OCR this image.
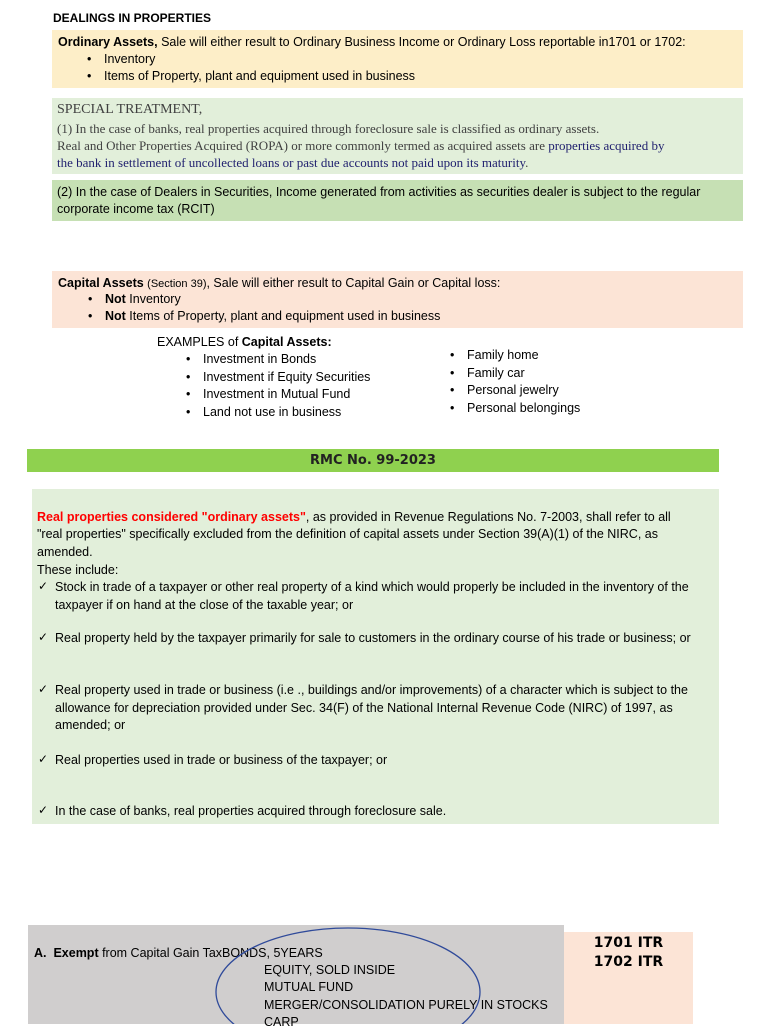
DEALINGS IN PROPERTIES
Ordinary Assets, Sale will either result to Ordinary Business Income or Ordinary Loss reportable in1701 or 1702:
• Inventory
• Items of Property, plant and equipment used in business
SPECIAL TREATMENT,
(1) In the case of banks, real properties acquired through foreclosure sale is classified as ordinary assets.
Real and Other Properties Acquired (ROPA) or more commonly termed as acquired assets are properties acquired by
the bank in settlement of uncollected loans or past due accounts not paid upon its maturity.
(2) In the case of Dealers in Securities, Income generated from activities as securities dealer is subject to the regular
corporate income tax (RCIT)
Capital Assets (Section 39), Sale will either result to Capital Gain or Capital loss:
• Not Inventory
• Not Items of Property, plant and equipment used in business
EXAMPLES of Capital Assets:
• Investment in Bonds
• Investment if Equity Securities
• Investment in Mutual Fund
• Land not use in business
• Family home
• Family car
• Personal jewelry
• Personal belongings
RMC No. 99-2023
Real properties considered "ordinary assets", as provided in Revenue Regulations No. 7-2003, shall refer to all
"real properties" specifically excluded from the definition of capital assets under Section 39(A)(1) of the NIRC, as
amended.
These include:
✓ Stock in trade of a taxpayer or other real property of a kind which would properly be included in the inventory of the taxpayer if on hand at the close of the taxable year; or
✓ Real property held by the taxpayer primarily for sale to customers in the ordinary course of his trade or business; or
✓ Real property used in trade or business (i.e ., buildings and/or improvements) of a character which is subject to the allowance for depreciation provided under Sec. 34(F) of the National Internal Revenue Code (NIRC) of 1997, as amended; or
✓ Real properties used in trade or business of the taxpayer; or
✓ In the case of banks, real properties acquired through foreclosure sale.
A. Exempt from Capital Gain TaxBONDS, 5YEARS
EQUITY, SOLD INSIDE
MUTUAL FUND
MERGER/CONSOLIDATION PURELY IN STOCKS
CARP
1701 ITR
1702 ITR
